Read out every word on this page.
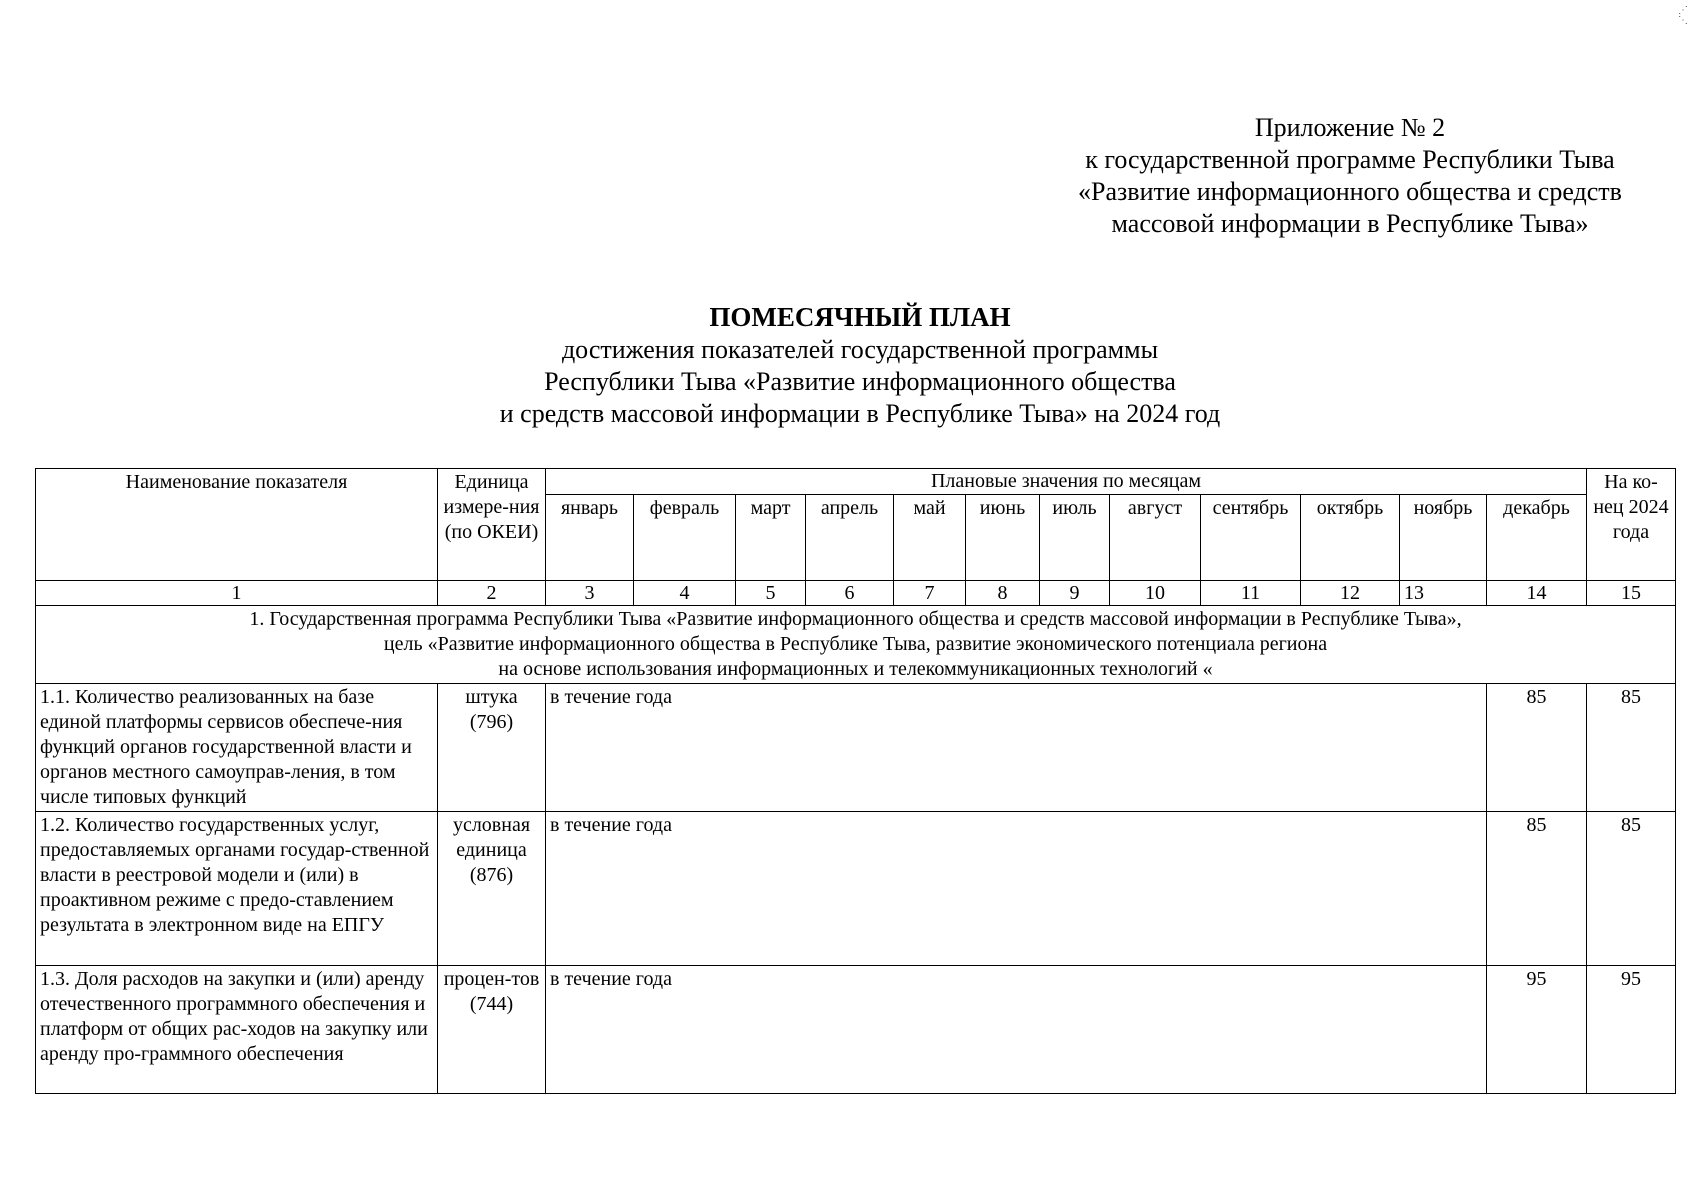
⋰
⋱
Приложение № 2
к государственной программе Республики Тыва
«Развитие информационного общества и средств
массовой информации в Республике Тыва»
ПОМЕСЯЧНЫЙ ПЛАН
достижения показателей государственной программы
Республики Тыва «Развитие информационного общества
и средств массовой информации в Республике Тыва» на 2024 год
Наименование показателя	Единица измере-ния (по ОКЕИ)	Плановые значения по месяцам												На ко-нец 2024 года
		январь	февраль	март	апрель	май	июнь	июль	август	сентябрь	октябрь	ноябрь	декабрь	
1	2	3	4	5	6	7	8	9	10	11	12	13	14	15

1. Государственная программа Республики Тыва «Развитие информационного общества и средств массовой информации в Республике Тыва»,
цель «Развитие информационного общества в Республике Тыва, развитие экономического потенциала региона
на основе использования информационных и телекоммуникационных технологий «														

1.1. Количество реализованных на базе единой платформы сервисов обеспече-ния функций органов государственной власти и органов местного самоуправ-ления, в том числе типовых функций	штука (796)	в течение года											85	85
1.2. Количество государственных услуг, предоставляемых органами государ-ственной власти в реестровой модели и (или) в проактивном режиме с предо-ставлением результата в электронном виде на ЕПГУ	условная единица (876)	в течение года											85	85
1.3. Доля расходов на закупки и (или) аренду отечественного программного обеспечения и платформ от общих рас-ходов на закупку или аренду про-граммного обеспечения	процен-тов (744)	в течение года											95	95
